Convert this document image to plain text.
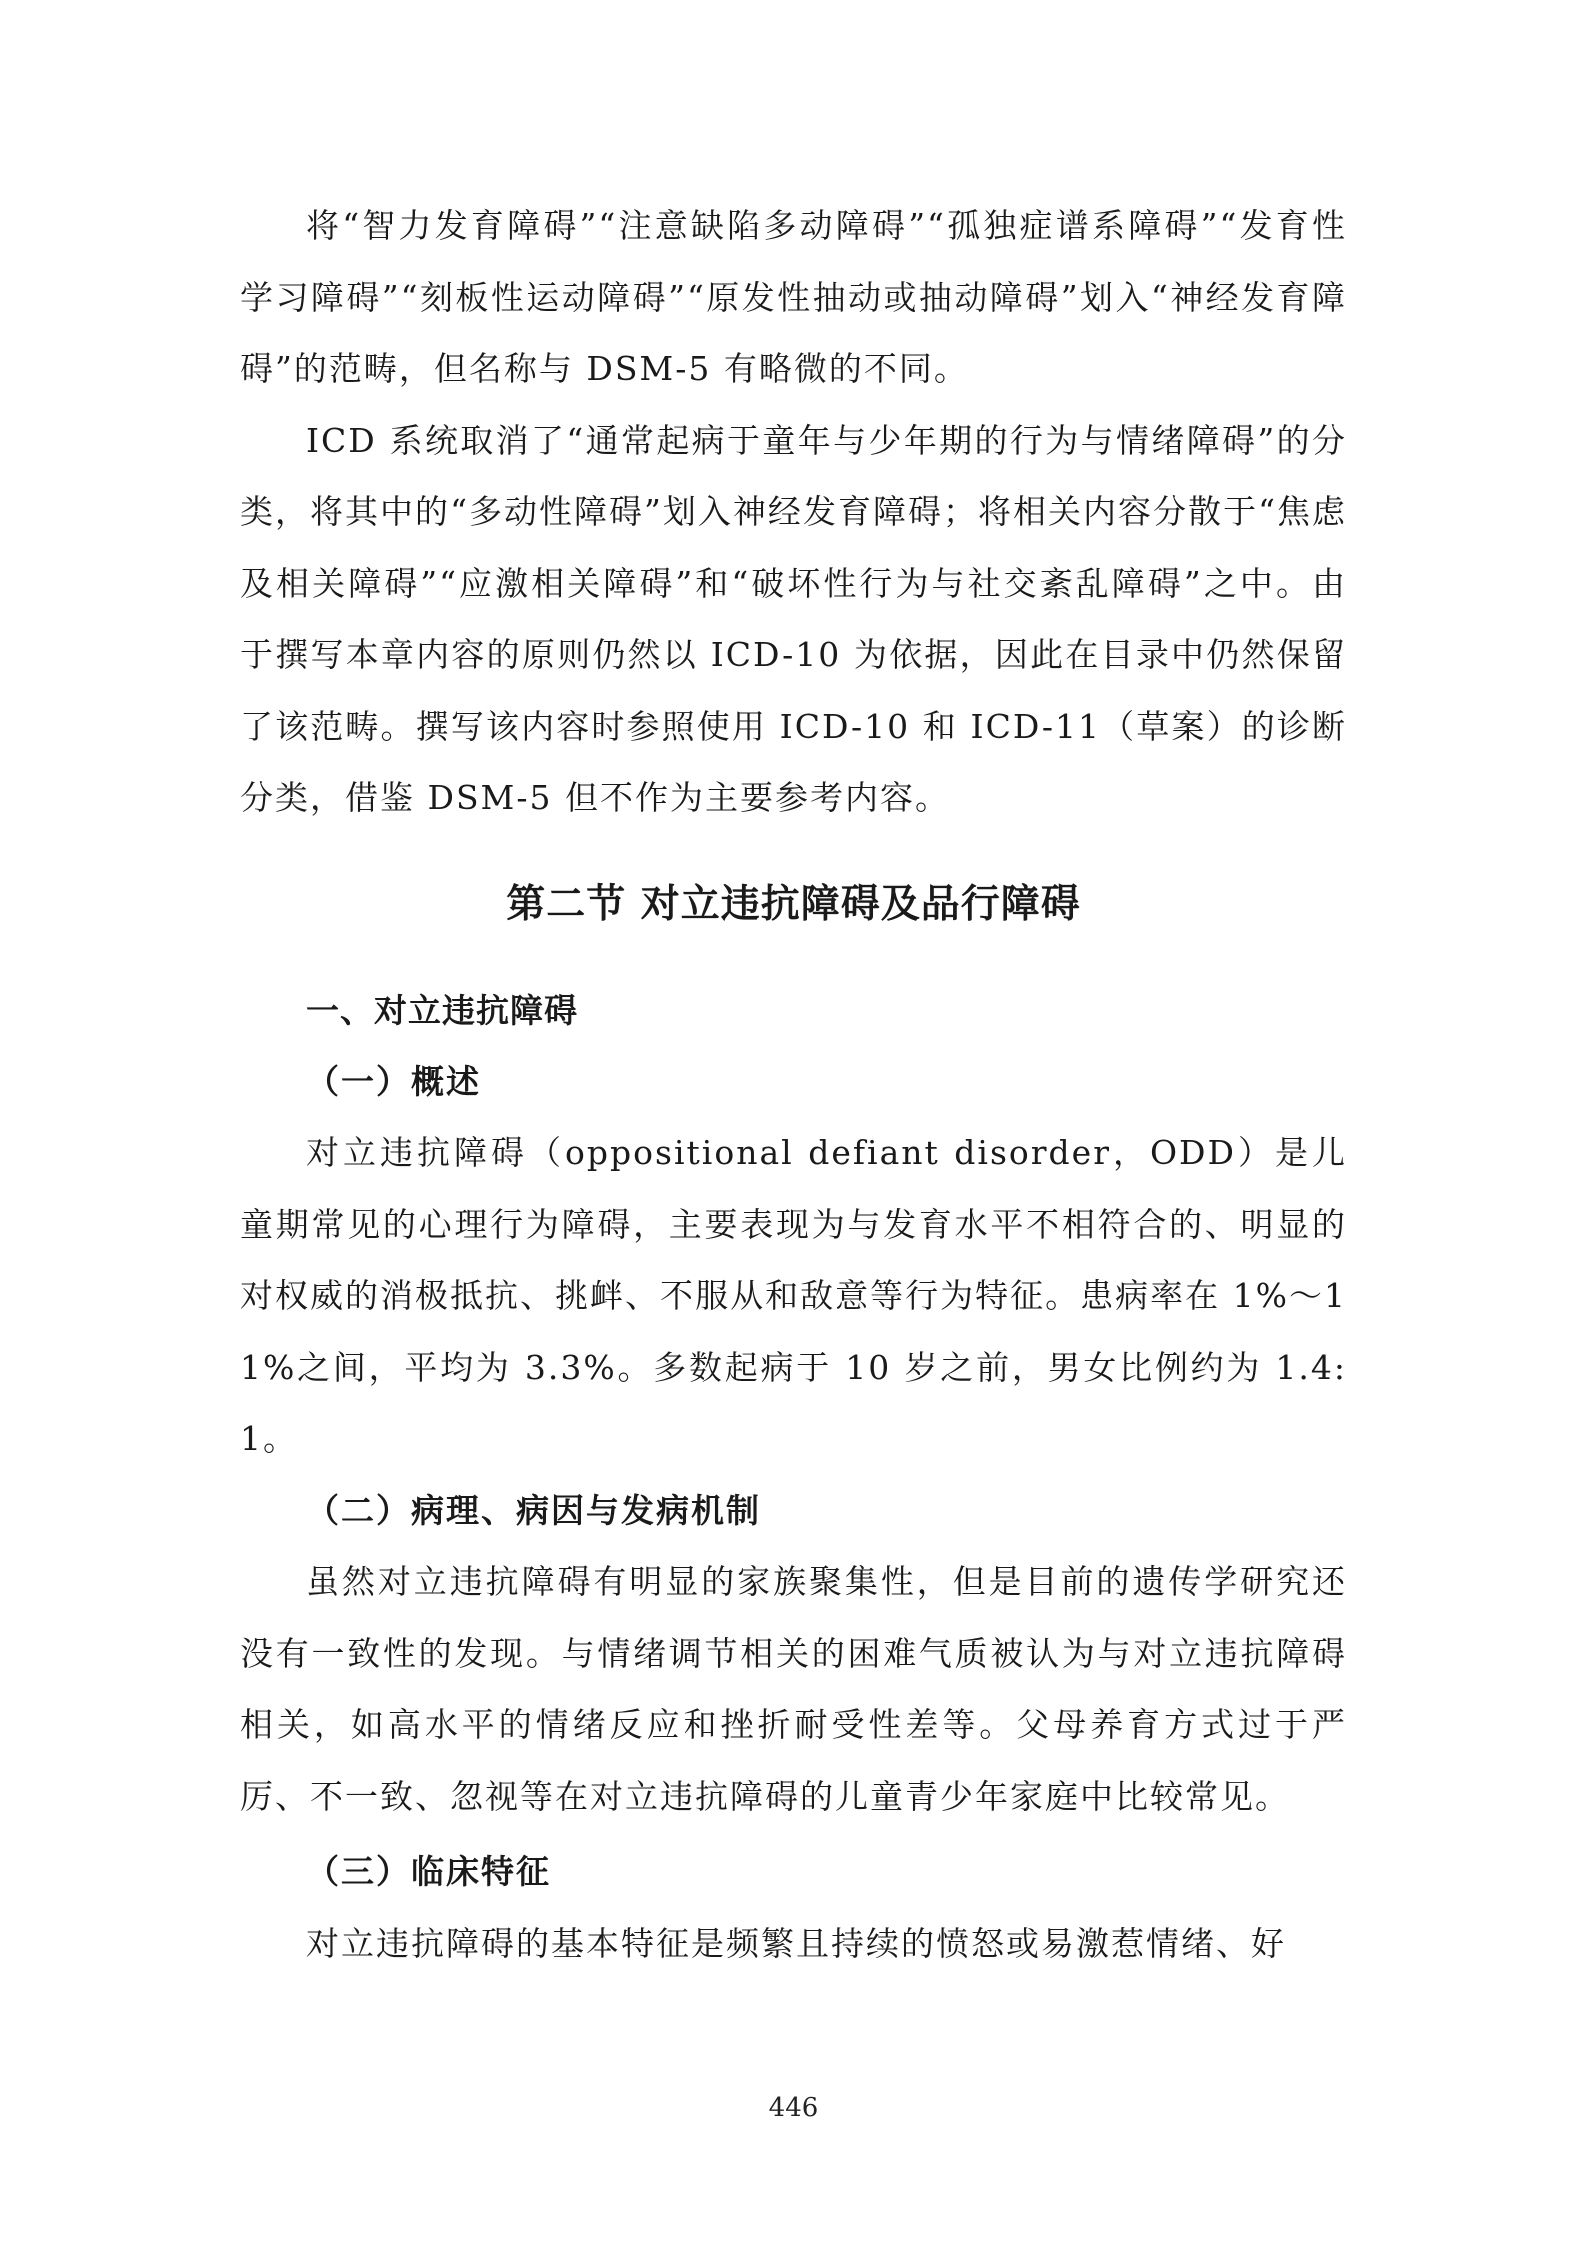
将“智力发育障碍”“注意缺陷多动障碍”“孤独症谱系障碍”“发育性学习障碍”“刻板性运动障碍”“原发性抽动或抽动障碍”划入“神经发育障碍”的范畴，但名称与 DSM-5 有略微的不同。

ICD 系统取消了“通常起病于童年与少年期的行为与情绪障碍”的分类，将其中的“多动性障碍”划入神经发育障碍；将相关内容分散于“焦虑及相关障碍”“应激相关障碍”和“破坏性行为与社交紊乱障碍”之中。由于撰写本章内容的原则仍然以 ICD-10 为依据，因此在目录中仍然保留了该范畴。撰写该内容时参照使用 ICD-10 和 ICD-11（草案）的诊断分类，借鉴 DSM-5 但不作为主要参考内容。

第二节 对立违抗障碍及品行障碍
一、对立违抗障碍
（一）概述

对立违抗障碍（oppositional defiant disorder，ODD）是儿童期常见的心理行为障碍，主要表现为与发育水平不相符合的、明显的对权威的消极抵抗、挑衅、不服从和敌意等行为特征。患病率在 1%～11%之间，平均为 3.3%。多数起病于 10 岁之前，男女比例约为 1.4:1。

（二）病理、病因与发病机制

虽然对立违抗障碍有明显的家族聚集性，但是目前的遗传学研究还没有一致性的发现。与情绪调节相关的困难气质被认为与对立违抗障碍相关，如高水平的情绪反应和挫折耐受性差等。父母养育方式过于严厉、不一致、忽视等在对立违抗障碍的儿童青少年家庭中比较常见。

（三）临床特征

对立违抗障碍的基本特征是频繁且持续的愤怒或易激惹情绪、好

446
